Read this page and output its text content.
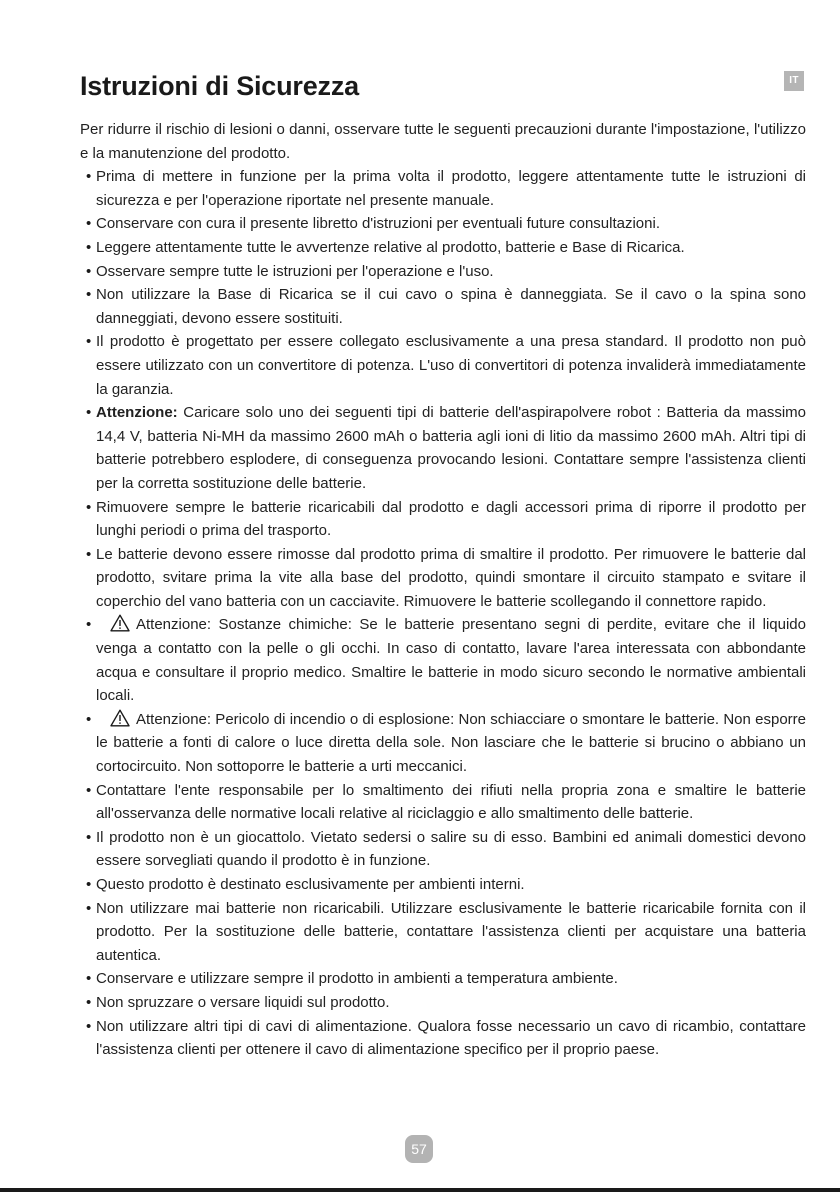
IT
Istruzioni di Sicurezza

Per ridurre il rischio di lesioni o danni, osservare tutte le seguenti precauzioni durante l'impostazione, l'utilizzo e la manutenzione del prodotto.

• Prima di mettere in funzione per la prima volta il prodotto, leggere attentamente tutte le istruzioni di sicurezza e per l'operazione riportate nel presente manuale.
• Conservare con cura il presente libretto d'istruzioni per eventuali future consultazioni.
• Leggere attentamente tutte le avvertenze relative al prodotto, batterie e Base di Ricarica.
• Osservare sempre tutte le istruzioni per l'operazione e l'uso.
• Non utilizzare la Base di Ricarica se il cui cavo o spina è danneggiata. Se il cavo o la spina sono danneggiati, devono essere sostituiti.
• Il prodotto è progettato per essere collegato esclusivamente a una presa standard. Il prodotto non può essere utilizzato con un convertitore di potenza. L'uso di convertitori di potenza invaliderà immediatamente la garanzia.
• Attenzione: Caricare solo uno dei seguenti tipi di batterie dell'aspirapolvere robot : Batteria da massimo 14,4 V, batteria Ni-MH da massimo 2600 mAh o batteria agli ioni di litio da massimo 2600 mAh. Altri tipi di batterie potrebbero esplodere, di conseguenza provocando lesioni. Contattare sempre l'assistenza clienti per la corretta sostituzione delle batterie.
• Rimuovere sempre le batterie ricaricabili dal prodotto e dagli accessori prima di riporre il prodotto per lunghi periodi o prima del trasporto.
• Le batterie devono essere rimosse dal prodotto prima di smaltire il prodotto. Per rimuovere le batterie dal prodotto, svitare prima la vite alla base del prodotto, quindi smontare il circuito stampato e svitare il coperchio del vano batteria con un cacciavite. Rimuovere le batterie scollegando il connettore rapido.
• Attenzione: Sostanze chimiche: Se le batterie presentano segni di perdite, evitare che il liquido venga a contatto con la pelle o gli occhi. In caso di contatto, lavare l'area interessata con abbondante acqua e consultare il proprio medico. Smaltire le batterie in modo sicuro secondo le normative ambientali locali.
• Attenzione: Pericolo di incendio o di esplosione: Non schiacciare o smontare le batterie. Non esporre le batterie a fonti di calore o luce diretta della sole. Non lasciare che le batterie si brucino o abbiano un cortocircuito. Non sottoporre le batterie a urti meccanici.
• Contattare l'ente responsabile per lo smaltimento dei rifiuti nella propria zona e smaltire le batterie all'osservanza delle normative locali relative al riciclaggio e allo smaltimento delle batterie.
• Il prodotto non è un giocattolo. Vietato sedersi o salire su di esso. Bambini ed animali domestici devono essere sorvegliati quando il prodotto è in funzione.
• Questo prodotto è destinato esclusivamente per ambienti interni.
• Non utilizzare mai batterie non ricaricabili. Utilizzare esclusivamente le batterie ricaricabile fornita con il prodotto. Per la sostituzione delle batterie, contattare l'assistenza clienti per acquistare una batteria autentica.
• Conservare e utilizzare sempre il prodotto in ambienti a temperatura ambiente.
• Non spruzzare o versare liquidi sul prodotto.
• Non utilizzare altri tipi di cavi di alimentazione. Qualora fosse necessario un cavo di ricambio, contattare l'assistenza clienti per ottenere il cavo di alimentazione specifico per il proprio paese.
57
